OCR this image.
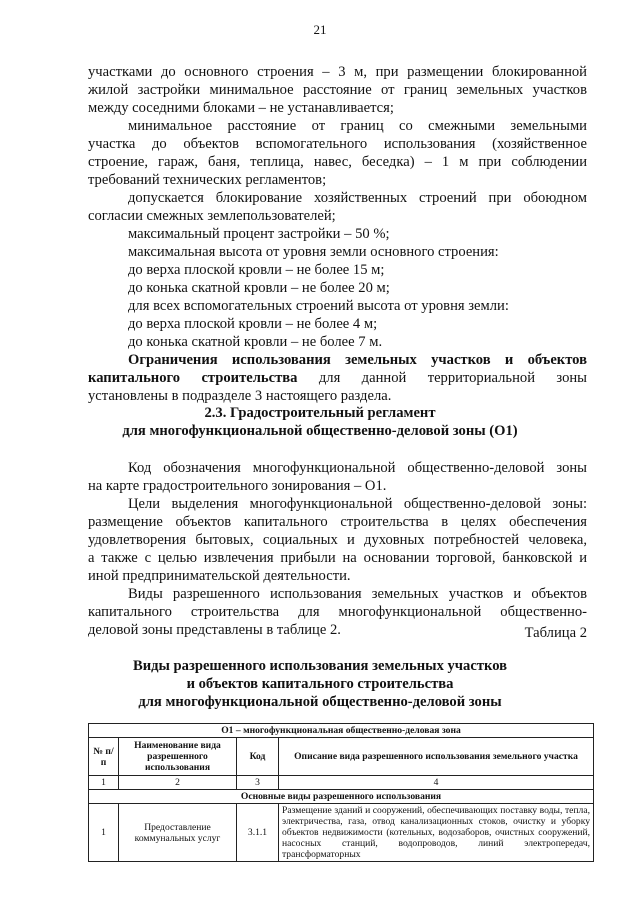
21
участками до основного строения – 3 м, при размещении блокированной
жилой застройки минимальное расстояние от границ земельных участков
между соседними блоками – не устанавливается;
минимальное расстояние от границ со смежными земельными
участка до объектов вспомогательного использования (хозяйственное
строение, гараж, баня, теплица, навес, беседка) – 1 м при соблюдении
требований технических регламентов;
допускается блокирование хозяйственных строений при обоюдном
согласии смежных землепользователей;
максимальный процент застройки – 50 %;
максимальная высота от уровня земли основного строения:
до верха плоской кровли – не более 15 м;
до конька скатной кровли – не более 20 м;
для всех вспомогательных строений высота от уровня земли:
до верха плоской кровли – не более 4 м;
до конька скатной кровли – не более 7 м.
Ограничения использования земельных участков и объектов
капитального строительства для данной территориальной зоны
установлены в подразделе 3 настоящего раздела.
2.3. Градостроительный регламент
для многофункциональной общественно-деловой зоны (О1)
Код обозначения многофункциональной общественно-деловой зоны
на карте градостроительного зонирования – О1.
Цели выделения многофункциональной общественно-деловой зоны:
размещение объектов капитального строительства в целях обеспечения
удовлетворения бытовых, социальных и духовных потребностей человека,
а также с целью извлечения прибыли на основании торговой, банковской и
иной предпринимательской деятельности.
Виды разрешенного использования земельных участков и объектов
капитального строительства для многофункциональной общественно-
деловой зоны представлены в таблице 2.	Таблица 2
Виды разрешенного использования земельных участков
и объектов капитального строительства
для многофункциональной общественно-деловой зоны
О1 – многофункциональная общественно-деловая зона			
№ п/п	Наименование вида разрешенного использования	Код	Описание вида разрешенного использования земельного участка
1	2	3	4
Основные виды разрешенного использования			
1	Предоставление коммунальных услуг	3.1.1	Размещение зданий и сооружений, обеспечивающих поставку воды, тепла, электричества, газа, отвод канализационных стоков, очистку и уборку объектов недвижимости (котельных, водозаборов, очистных сооружений, насосных станций, водопроводов, линий электропередач, трансформаторных
